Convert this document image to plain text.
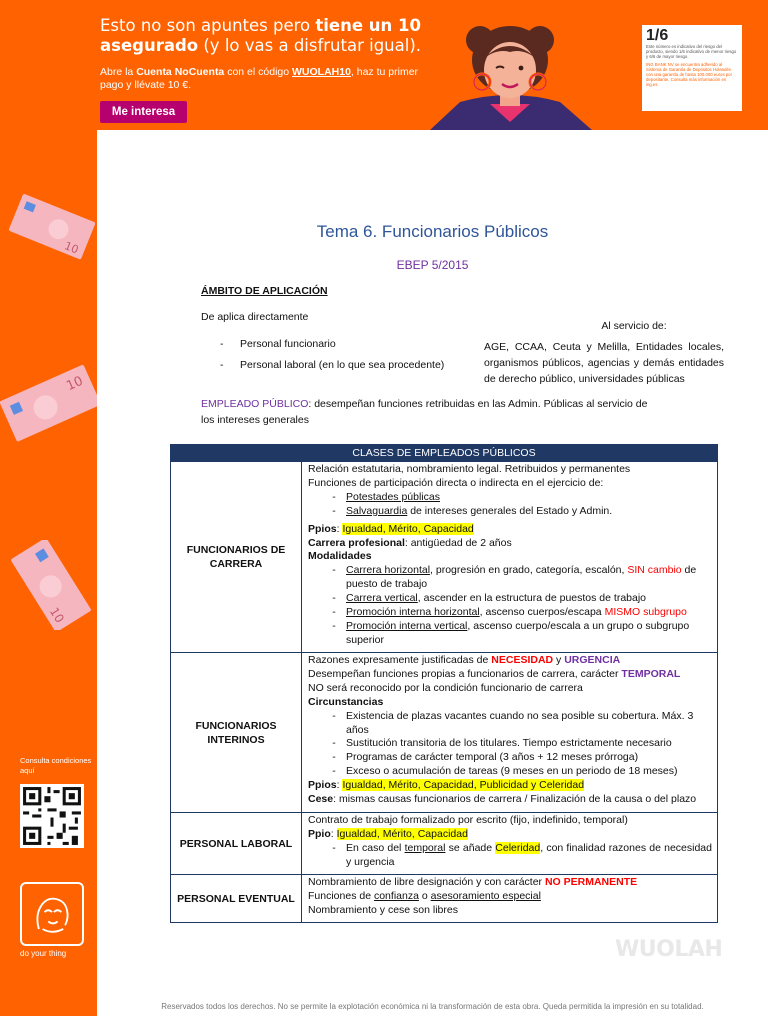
Esto no son apuntes pero tiene un 10 asegurado (y lo vas a disfrutar igual).
Abre la Cuenta NoCuenta con el código WUOLAH10, haz tu primer pago y llévate 10 €.
Me interesa
1/6
Este número es indicativo del riesgo del producto, siendo 1/6 indicativo de menor riesgo y 6/6 de mayor riesgo.
ING BANK NV se encuentra adherido al Sistema de Garantía de Depósitos Holandés con una garantía de hasta 100.000 euros por depositante. Consulta más información en ing.es
10
10
10
Consulta condiciones aquí
do your thing
Tema 6. Funcionarios Públicos
EBEP 5/2015
ÁMBITO DE APLICACIÓN
De aplica directamente
- Personal funcionario
- Personal laboral (en lo que sea procedente)
Al servicio de:
AGE, CCAA, Ceuta y Melilla, Entidades locales, organismos públicos, agencias y demás entidades de derecho público, universidades públicas
EMPLEADO PÚBLICO: desempeñan funciones retribuidas en las Admin. Públicas al servicio de los intereses generales
CLASES DE EMPLEADOS PÚBLICOS
FUNCIONARIOS DE CARRERA
Relación estatutaria, nombramiento legal. Retribuidos y permanentes
Funciones de participación directa o indirecta en el ejercicio de:
- Potestades públicas
- Salvaguardia de intereses generales del Estado y Admin.
Ppios: Igualdad, Mérito, Capacidad
Carrera profesional: antigüedad de 2 años
Modalidades
- Carrera horizontal, progresión en grado, categoría, escalón, SIN cambio de puesto de trabajo
- Carrera vertical, ascender en la estructura de puestos de trabajo
- Promoción interna horizontal, ascenso cuerpos/escapa MISMO subgrupo
- Promoción interna vertical, ascenso cuerpo/escala a un grupo o subgrupo superior
FUNCIONARIOS INTERINOS
Razones expresamente justificadas de NECESIDAD y URGENCIA
Desempeñan funciones propias a funcionarios de carrera, carácter TEMPORAL
NO será reconocido por la condición funcionario de carrera
Circunstancias
- Existencia de plazas vacantes cuando no sea posible su cobertura. Máx. 3 años
- Sustitución transitoria de los titulares. Tiempo estrictamente necesario
- Programas de carácter temporal (3 años + 12 meses prórroga)
- Exceso o acumulación de tareas (9 meses en un periodo de 18 meses)
Ppios: Igualdad, Mérito, Capacidad, Publicidad y Celeridad
Cese: mismas causas funcionarios de carrera / Finalización de la causa o del plazo
PERSONAL LABORAL
Contrato de trabajo formalizado por escrito (fijo, indefinido, temporal)
Ppio: Igualdad, Mérito, Capacidad
- En caso del temporal se añade Celeridad, con finalidad razones de necesidad y urgencia
PERSONAL EVENTUAL
Nombramiento de libre designación y con carácter NO PERMANENTE
Funciones de confianza o asesoramiento especial
Nombramiento y cese son libres
WUOLAH
Reservados todos los derechos. No se permite la explotación económica ni la transformación de esta obra. Queda permitida la impresión en su totalidad.
